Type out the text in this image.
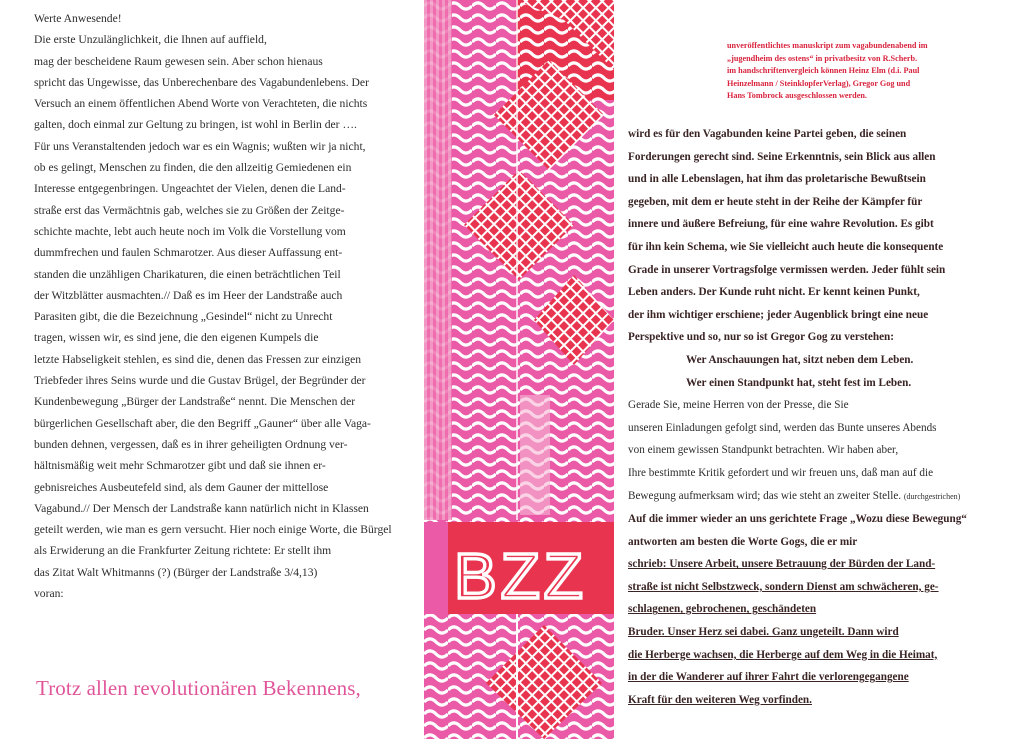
Werte Anwesende!
Die erste Unzulänglichkeit, die Ihnen auf auffield,
mag der bescheidene Raum gewesen sein. Aber schon hienaus
spricht das Ungewisse, das Unberechenbare des Vagabundenlebens. Der
Versuch an einem öffentlichen Abend Worte von Verachteten, die nichts
galten, doch einmal zur Geltung zu bringen, ist wohl in Berlin der ….
Für uns Veranstaltenden jedoch war es ein Wagnis; wußten wir ja nicht,
ob es gelingt, Menschen zu finden, die den allzeitig Gemiedenen ein
Interesse entgegenbringen. Ungeachtet der Vielen, denen die Land-
straße erst das Vermächtnis gab, welches sie zu Größen der Zeitge-
schichte machte, lebt auch heute noch im Volk die Vorstellung vom
dummfrechen und faulen Schmarotzer. Aus dieser Auffassung ent-
standen die unzähligen Charikaturen, die einen beträchtlichen Teil
der Witzblätter ausmachten.// Daß es im Heer der Landstraße auch
Parasiten gibt, die die Bezeichnung „Gesindel“ nicht zu Unrecht
tragen, wissen wir, es sind jene, die den eigenen Kumpels die
letzte Habseligkeit stehlen, es sind die, denen das Fressen zur einzigen
Triebfeder ihres Seins wurde und die Gustav Brügel, der Begründer der
Kundenbewegung „Bürger der Landstraße“ nennt. Die Menschen der
bürgerlichen Gesellschaft aber, die den Begriff „Gauner“ über alle Vaga-
bunden dehnen, vergessen, daß es in ihrer geheiligten Ordnung ver-
hältnismäßig weit mehr Schmarotzer gibt und daß sie ihnen er-
gebnisreiches Ausbeutefeld sind, als dem Gauner der mittellose
Vagabund.// Der Mensch der Landstraße kann natürlich nicht in Klassen
geteilt werden, wie man es gern versucht. Hier noch einige Worte, die Bürgel
als Erwiderung an die Frankfurter Zeitung richtete: Er stellt ihm
das Zitat Walt Whitmanns (?) (Bürger der Landstraße 3/4,13)
voran:
Trotz allen revolutionären Bekennens,
BZZ
unveröffentlichtes manuskript zum vagabundenabend im
„jugendheim des ostens“ in privatbesitz von R.Scherb.
im handschriftenvergleich können Heinz Elm (d.i. Paul
Heinzelmann / SteinklopferVerlag), Gregor Gog und
Hans Tombrock ausgeschlossen werden.
wird es für den Vagabunden keine Partei geben, die seinen
Forderungen gerecht sind. Seine Erkenntnis, sein Blick aus allen
und in alle Lebenslagen, hat ihm das proletarische Bewußtsein
gegeben, mit dem er heute steht in der Reihe der Kämpfer für
innere und äußere Befreiung, für eine wahre Revolution. Es gibt
für ihn kein Schema, wie Sie vielleicht auch heute die konsequente
Grade in unserer Vortragsfolge vermissen werden. Jeder fühlt sein
Leben anders. Der Kunde ruht nicht. Er kennt keinen Punkt,
der ihm wichtiger erschiene; jeder Augenblick bringt eine neue
Perspektive und so, nur so ist Gregor Gog zu verstehen:
Wer Anschauungen hat, sitzt neben dem Leben.
Wer einen Standpunkt hat, steht fest im Leben.
Gerade Sie, meine Herren von der Presse, die Sie
unseren Einladungen gefolgt sind, werden das Bunte unseres Abends
von einem gewissen Standpunkt betrachten. Wir haben aber,
Ihre bestimmte Kritik gefordert und wir freuen uns, daß man auf die
Bewegung aufmerksam wird; das wie steht an zweiter Stelle. (durchgestrichen)
Auf die immer wieder an uns gerichtete Frage „Wozu diese Bewegung“
antworten am besten die Worte Gogs, die er mir
schrieb: Unsere Arbeit, unsere Betrauung der Bürden der Land-
straße ist nicht Selbstzweck, sondern Dienst am schwächeren, ge-
schlagenen, gebrochenen, geschändeten
Bruder. Unser Herz sei dabei. Ganz ungeteilt. Dann wird
die Herberge wachsen, die Herberge auf dem Weg in die Heimat,
in der die Wanderer auf ihrer Fahrt die verlorengegangene
Kraft für den weiteren Weg vorfinden.
